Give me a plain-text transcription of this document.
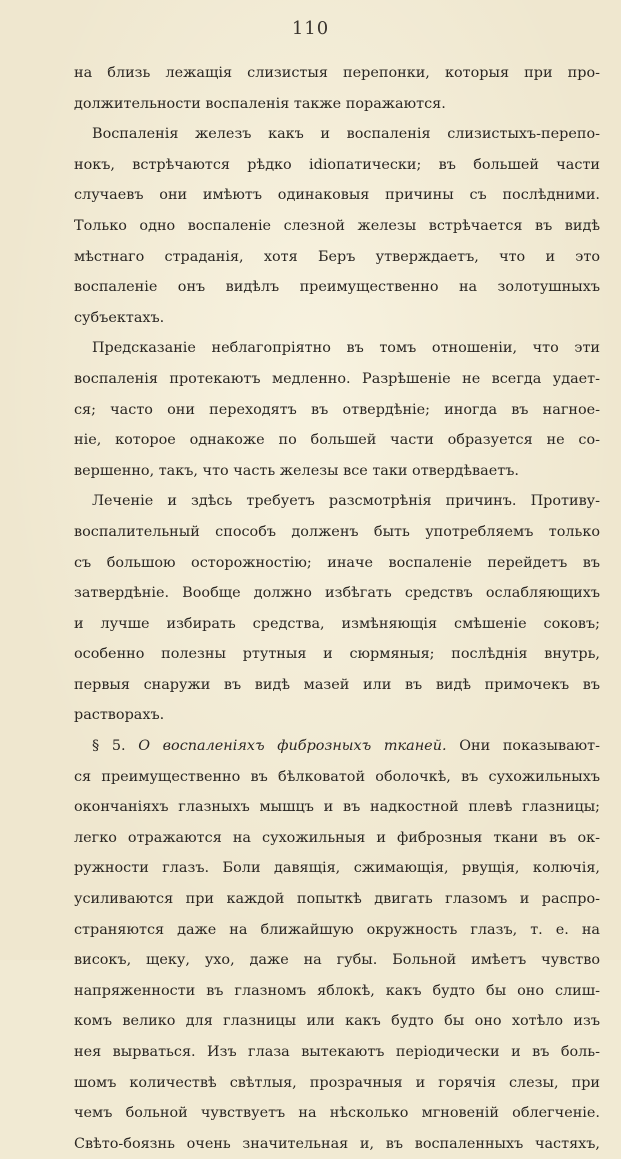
110
на близь лежащія слизистыя перепонки, которыя при про-
должительности воспаленія также поражаются.
Воспаленія железъ какъ и воспаленія слизистыхъ-перепо-
нокъ, встрѣчаются рѣдко idiопатически; въ большей части
случаевъ они имѣютъ одинаковыя причины съ послѣдними.
Только одно воспаленіе слезной железы встрѣчается въ видѣ
мѣстнаго страданія, хотя Беръ утверждаетъ, что и это
воспаленіе онъ видѣлъ преимущественно на золотушныхъ
субъектахъ.
Предсказаніе неблагопріятно въ томъ отношеніи, что эти
воспаленія протекаютъ медленно. Разрѣшеніе не всегда удает-
ся; часто они переходятъ въ отвердѣніе; иногда въ нагное-
ніе, которое однакоже по большей части образуется не со-
вершенно, такъ, что часть железы все таки отвердѣваетъ.
Леченіе и здѣсь требуетъ разсмотрѣнія причинъ. Противу-
воспалительный способъ долженъ быть употребляемъ только
съ большою осторожностію; иначе воспаленіе перейдетъ въ
затвердѣніе. Вообще должно избѣгать средствъ ослабляющихъ
и лучше избирать средства, измѣняющія смѣшеніе соковъ;
особенно полезны ртутныя и сюрмяныя; послѣднія внутрь,
первыя снаружи въ видѣ мазей или въ видѣ примочекъ въ
растворахъ.
§ 5. О воспаленіяхъ фиброзныхъ тканей. Они показывают-
ся преимущественно въ бѣлковатой оболочкѣ, въ сухожильныхъ
окончаніяхъ глазныхъ мышцъ и въ надкостной плевѣ глазницы;
легко отражаются на сухожильныя и фиброзныя ткани въ ок-
ружности глазъ. Боли давящія, сжимающія, рвущія, колючія,
усиливаются при каждой попыткѣ двигать глазомъ и распро-
страняются даже на ближайшую окружность глазъ, т. е. на
високъ, щеку, ухо, даже на губы. Больной имѣетъ чувство
напряженности въ глазномъ яблокѣ, какъ будто бы оно слиш-
комъ велико для глазницы или какъ будто бы оно хотѣло изъ
нея вырваться. Изъ глаза вытекаютъ періодически и въ боль-
шомъ количествѣ свѣтлыя, прозрачныя и горячія слезы, при
чемъ больной чувствуетъ на нѣсколько мгновеній облегченіе.
Свѣто-боязнь очень значительная и, въ воспаленныхъ частяхъ,
